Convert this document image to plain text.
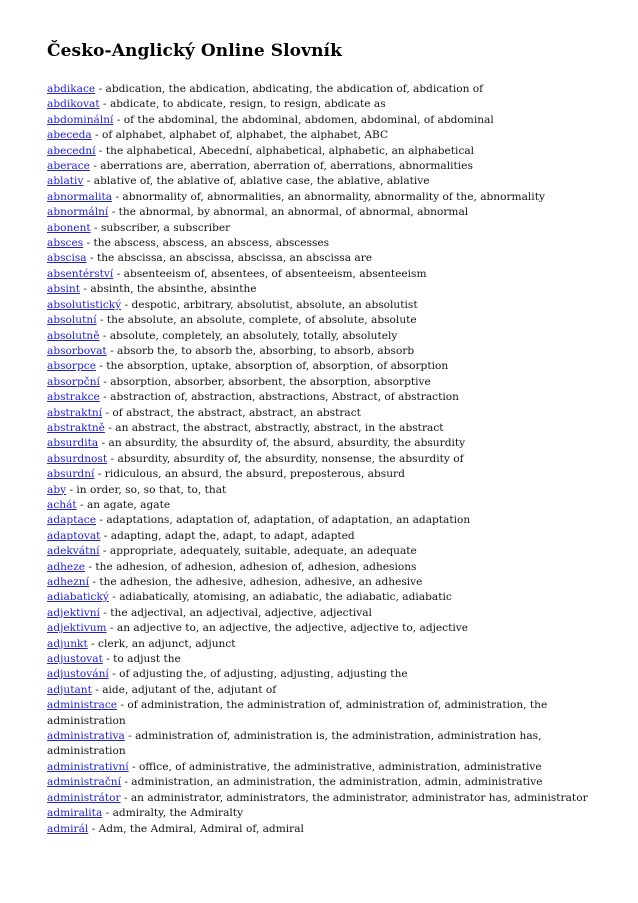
Česko-Anglický Online Slovník

abdikace - abdication, the abdication, abdicating, the abdication of, abdication of

abdikovat - abdicate, to abdicate, resign, to resign, abdicate as

abdominální - of the abdominal, the abdominal, abdomen, abdominal, of abdominal

abeceda - of alphabet, alphabet of, alphabet, the alphabet, ABC

abecední - the alphabetical, Abecední, alphabetical, alphabetic, an alphabetical

aberace - aberrations are, aberration, aberration of, aberrations, abnormalities

ablativ - ablative of, the ablative of, ablative case, the ablative, ablative

abnormalita - abnormality of, abnormalities, an abnormality, abnormality of the, abnormality

abnormální - the abnormal, by abnormal, an abnormal, of abnormal, abnormal

abonent - subscriber, a subscriber

absces - the abscess, abscess, an abscess, abscesses

abscisa - the abscissa, an abscissa, abscissa, an abscissa are

absentérství - absenteeism of, absentees, of absenteeism, absenteeism

absint - absinth, the absinthe, absinthe

absolutistický - despotic, arbitrary, absolutist, absolute, an absolutist

absolutní - the absolute, an absolute, complete, of absolute, absolute

absolutně - absolute, completely, an absolutely, totally, absolutely

absorbovat - absorb the, to absorb the, absorbing, to absorb, absorb

absorpce - the absorption, uptake, absorption of, absorption, of absorption

absorpční - absorption, absorber, absorbent, the absorption, absorptive

abstrakce - abstraction of, abstraction, abstractions, Abstract, of abstraction

abstraktní - of abstract, the abstract, abstract, an abstract

abstraktně - an abstract, the abstract, abstractly, abstract, in the abstract

absurdita - an absurdity, the absurdity of, the absurd, absurdity, the absurdity

absurdnost - absurdity, absurdity of, the absurdity, nonsense, the absurdity of

absurdní - ridiculous, an absurd, the absurd, preposterous, absurd

aby - in order, so, so that, to, that

achát - an agate, agate

adaptace - adaptations, adaptation of, adaptation, of adaptation, an adaptation

adaptovat - adapting, adapt the, adapt, to adapt, adapted

adekvátní - appropriate, adequately, suitable, adequate, an adequate

adheze - the adhesion, of adhesion, adhesion of, adhesion, adhesions

adhezní - the adhesion, the adhesive, adhesion, adhesive, an adhesive

adiabatický - adiabatically, atomising, an adiabatic, the adiabatic, adiabatic

adjektivní - the adjectival, an adjectival, adjective, adjectival

adjektivum - an adjective to, an adjective, the adjective, adjective to, adjective

adjunkt - clerk, an adjunct, adjunct

adjustovat - to adjust the

adjustování - of adjusting the, of adjusting, adjusting, adjusting the

adjutant - aide, adjutant of the, adjutant of

administrace - of administration, the administration of, administration of, administration, the administration

administrativa - administration of, administration is, the administration, administration has, administration

administrativní - office, of administrative, the administrative, administration, administrative

administrační - administration, an administration, the administration, admin, administrative

administrátor - an administrator, administrators, the administrator, administrator has, administrator

admiralita - admiralty, the Admiralty

admirál - Adm, the Admiral, Admiral of, admiral
